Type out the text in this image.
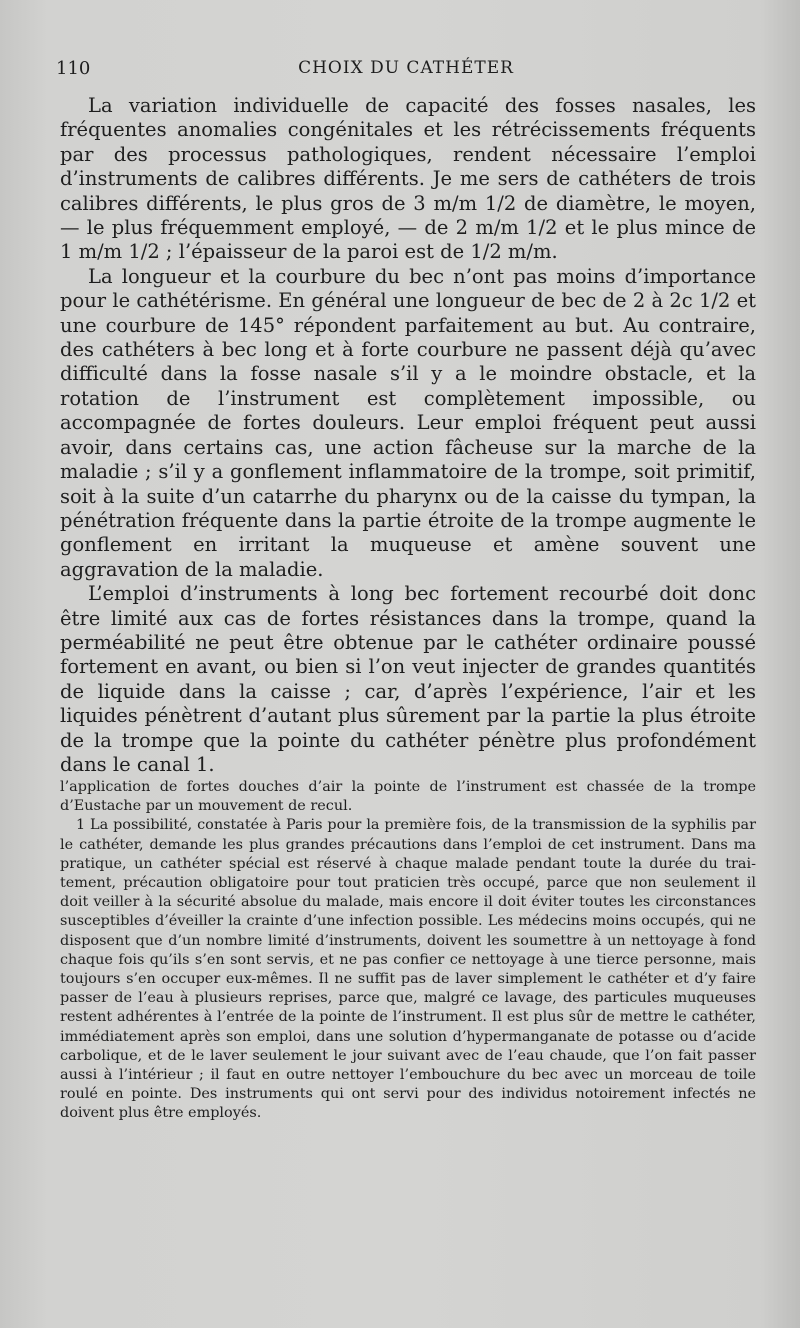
110	CHOIX DU CATHÉTER

La variation individuelle de capacité des fosses nasales, les fréquentes anomalies congénitales et les rétrécissements fréquents par des processus pathologiques, rendent nécessaire l’emploi d’instruments de calibres différents. Je me sers de cathéters de trois calibres différents, le plus gros de 3 m/m 1/2 de diamètre, le moyen, — le plus fréquemment employé, — de 2 m/m 1/2 et le plus mince de 1 m/m 1/2 ; l’épaisseur de la paroi est de 1/2 m/m.

La longueur et la courbure du bec n’ont pas moins d’importance pour le cathétérisme. En général une longueur de bec de 2 à 2c 1/2 et une courbure de 145° répondent parfaitement au but. Au contraire, des cathéters à bec long et à forte courbure ne passent déjà qu’avec difficulté dans la fosse nasale s’il y a le moindre obstacle, et la rotation de l’instrument est complètement impossible, ou accompagnée de fortes douleurs. Leur emploi fréquent peut aussi avoir, dans certains cas, une action fâcheuse sur la marche de la maladie ; s’il y a gonflement inflammatoire de la trompe, soit primitif, soit à la suite d’un catarrhe du pharynx ou de la caisse du tympan, la pénétration fréquente dans la partie étroite de la trompe augmente le gonflement en irritant la muqueuse et amène souvent une aggravation de la maladie.

L’emploi d’instruments à long bec fortement recourbé doit donc être limité aux cas de fortes résistances dans la trompe, quand la perméabilité ne peut être obtenue par le cathéter ordinaire poussé fortement en avant, ou bien si l’on veut injecter de grandes quantités de liquide dans la caisse ; car, d’après l’expérience, l’air et les liquides pénètrent d’autant plus sûrement par la partie la plus étroite de la trompe que la pointe du cathéter pénètre plus profondément dans le canal 1.

l’application de fortes douches d’air la pointe de l’instrument est chassée de la trompe d’Eustache par un mouvement de recul.

1 La possibilité, constatée à Paris pour la première fois, de la transmission de la syphilis par le cathéter, demande les plus grandes précautions dans l’emploi de cet instrument. Dans ma pratique, un cathéter spécial est réservé à chaque malade pendant toute la durée du traitement, précaution obligatoire pour tout praticien très occupé, parce que non seulement il doit veiller à la sécurité absolue du malade, mais encore il doit éviter toutes les circonstances susceptibles d’éveiller la crainte d’une infection possible. Les médecins moins occupés, qui ne disposent que d’un nombre limité d’instruments, doivent les soumettre à un nettoyage à fond chaque fois qu’ils s’en sont servis, et ne pas confier ce nettoyage à une tierce personne, mais toujours s’en occuper eux-mêmes. Il ne suffit pas de laver simplement le cathéter et d’y faire passer de l’eau à plusieurs reprises, parce que, malgré ce lavage, des particules muqueuses restent adhérentes à l’entrée de la pointe de l’instrument. Il est plus sûr de mettre le cathéter, immédiatement après son emploi, dans une solution d’hypermanganate de potasse ou d’acide carbolique, et de le laver seulement le jour suivant avec de l’eau chaude, que l’on fait passer aussi à l’intérieur ; il faut en outre nettoyer l’embouchure du bec avec un morceau de toile roulé en pointe. Des instruments qui ont servi pour des individus notoirement infectés ne doivent plus être employés.
